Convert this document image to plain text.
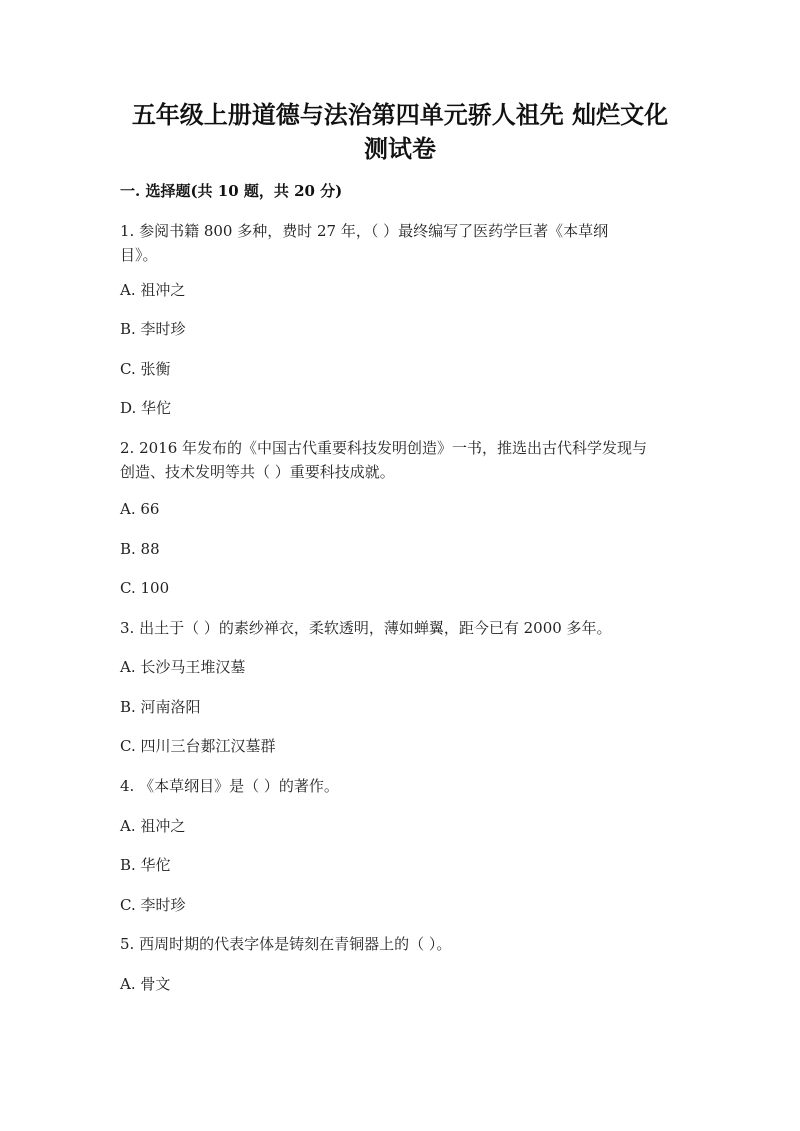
五年级上册道德与法治第四单元骄人祖先 灿烂文化
测试卷
一. 选择题(共 10 题，共 20 分)
1. 参阅书籍 800 多种，费时 27 年，（ ）最终编写了医药学巨著《本草纲
目》。
A. 祖冲之
B. 李时珍
C. 张衡
D. 华佗
2. 2016 年发布的《中国古代重要科技发明创造》一书，推选出古代科学发现与
创造、技术发明等共（ ）重要科技成就。
A. 66
B. 88
C. 100
3. 出土于（ ）的素纱禅衣，柔软透明，薄如蝉翼，距今已有 2000 多年。
A. 长沙马王堆汉墓
B. 河南洛阳
C. 四川三台郪江汉墓群
4. 《本草纲目》是（ ）的著作。
A. 祖冲之
B. 华佗
C. 李时珍
5. 西周时期的代表字体是铸刻在青铜器上的（ ）。
A. 骨文
